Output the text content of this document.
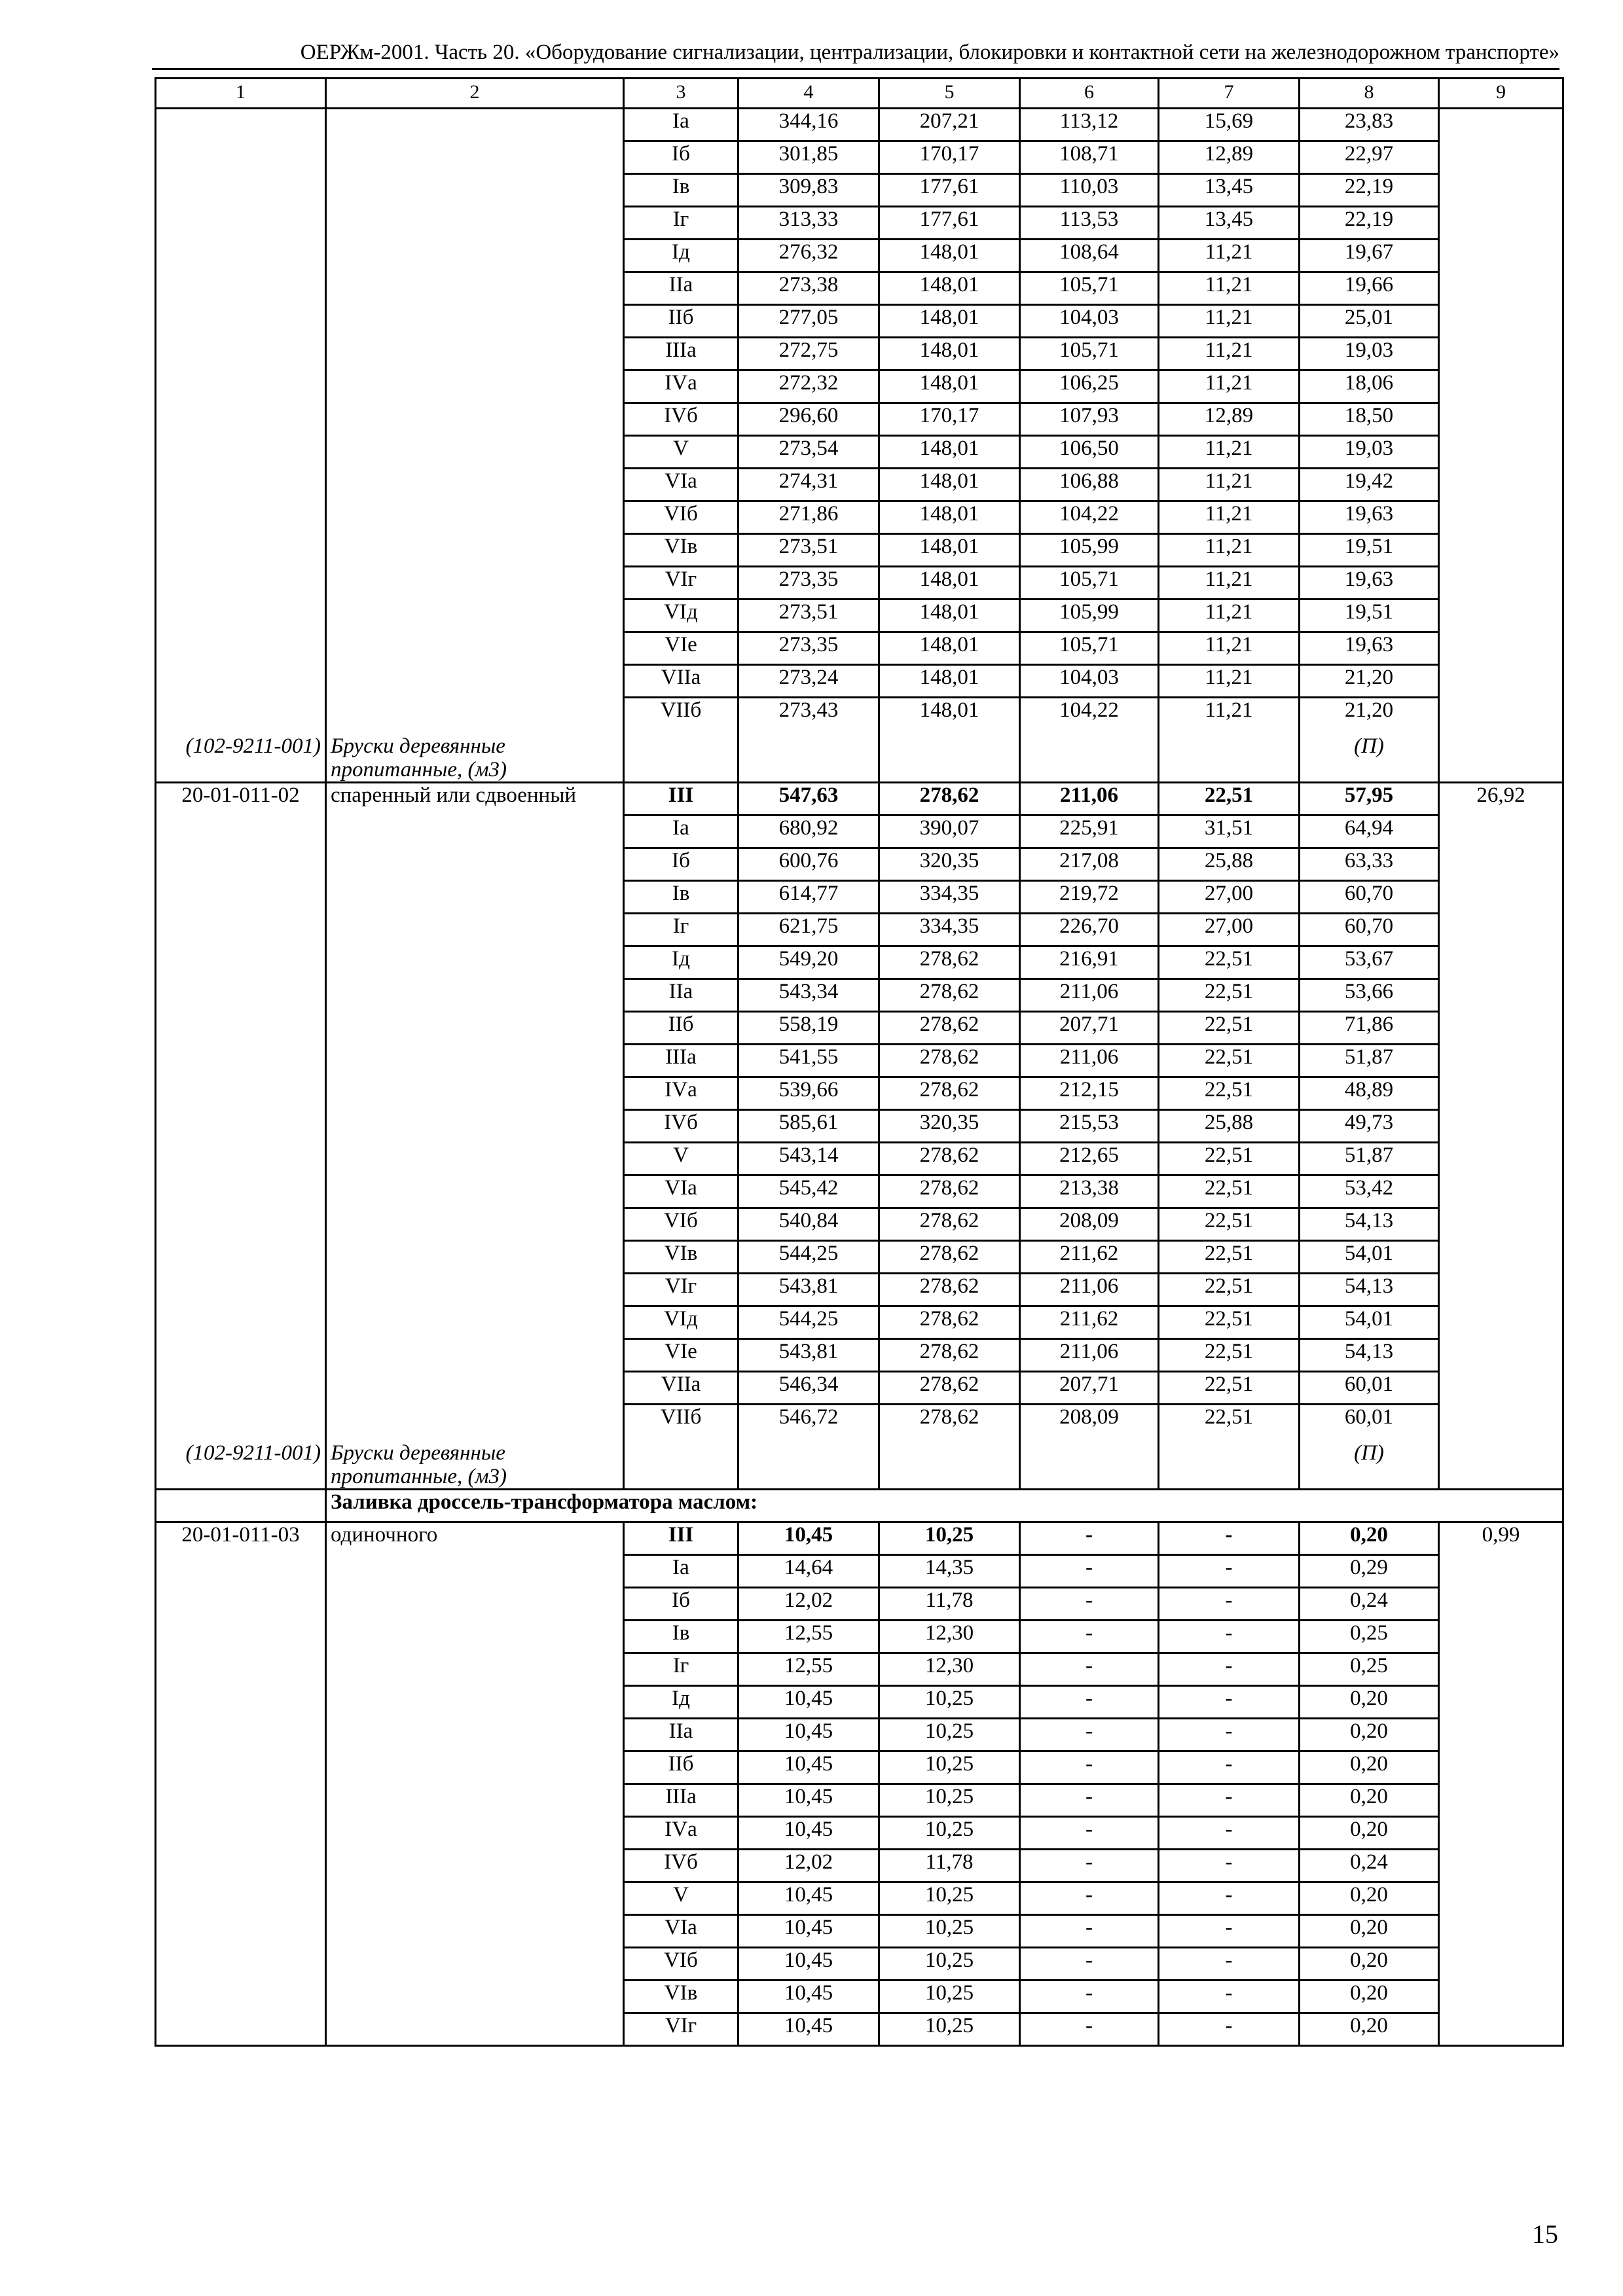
ОЕРЖм-2001. Часть 20. «Оборудование сигнализации, централизации, блокировки и контактной сети на железнодорожном транспорте»
1	2	3	4	5	6	7	8	9
		Iа	344,16	207,21	113,12	15,69	23,83	
		Iб	301,85	170,17	108,71	12,89	22,97	
		Iв	309,83	177,61	110,03	13,45	22,19	
		Iг	313,33	177,61	113,53	13,45	22,19	
		Iд	276,32	148,01	108,64	11,21	19,67	
		IIа	273,38	148,01	105,71	11,21	19,66	
		IIб	277,05	148,01	104,03	11,21	25,01	
		IIIа	272,75	148,01	105,71	11,21	19,03	
		IVа	272,32	148,01	106,25	11,21	18,06	
		IVб	296,60	170,17	107,93	12,89	18,50	
		V	273,54	148,01	106,50	11,21	19,03	
		VIа	274,31	148,01	106,88	11,21	19,42	
		VIб	271,86	148,01	104,22	11,21	19,63	
		VIв	273,51	148,01	105,99	11,21	19,51	
		VIг	273,35	148,01	105,71	11,21	19,63	
		VIд	273,51	148,01	105,99	11,21	19,51	
		VIе	273,35	148,01	105,71	11,21	19,63	
		VIIа	273,24	148,01	104,03	11,21	21,20	
		VIIб	273,43	148,01	104,22	11,21	21,20	
(102-9211-001)	Бруски деревянные пропитанные, (м3)						(П)	
20-01-011-02	спаренный или сдвоенный	III	547,63	278,62	211,06	22,51	57,95	26,92
		Iа	680,92	390,07	225,91	31,51	64,94	
		Iб	600,76	320,35	217,08	25,88	63,33	
		Iв	614,77	334,35	219,72	27,00	60,70	
		Iг	621,75	334,35	226,70	27,00	60,70	
		Iд	549,20	278,62	216,91	22,51	53,67	
		IIа	543,34	278,62	211,06	22,51	53,66	
		IIб	558,19	278,62	207,71	22,51	71,86	
		IIIа	541,55	278,62	211,06	22,51	51,87	
		IVа	539,66	278,62	212,15	22,51	48,89	
		IVб	585,61	320,35	215,53	25,88	49,73	
		V	543,14	278,62	212,65	22,51	51,87	
		VIа	545,42	278,62	213,38	22,51	53,42	
		VIб	540,84	278,62	208,09	22,51	54,13	
		VIв	544,25	278,62	211,62	22,51	54,01	
		VIг	543,81	278,62	211,06	22,51	54,13	
		VIд	544,25	278,62	211,62	22,51	54,01	
		VIе	543,81	278,62	211,06	22,51	54,13	
		VIIа	546,34	278,62	207,71	22,51	60,01	
		VIIб	546,72	278,62	208,09	22,51	60,01	
(102-9211-001)	Бруски деревянные пропитанные, (м3)						(П)	
	Заливка дроссель-трансформатора маслом:							
20-01-011-03	одиночного	III	10,45	10,25	-	-	0,20	0,99
		Iа	14,64	14,35	-	-	0,29	
		Iб	12,02	11,78	-	-	0,24	
		Iв	12,55	12,30	-	-	0,25	
		Iг	12,55	12,30	-	-	0,25	
		Iд	10,45	10,25	-	-	0,20	
		IIа	10,45	10,25	-	-	0,20	
		IIб	10,45	10,25	-	-	0,20	
		IIIа	10,45	10,25	-	-	0,20	
		IVа	10,45	10,25	-	-	0,20	
		IVб	12,02	11,78	-	-	0,24	
		V	10,45	10,25	-	-	0,20	
		VIа	10,45	10,25	-	-	0,20	
		VIб	10,45	10,25	-	-	0,20	
		VIв	10,45	10,25	-	-	0,20	
		VIг	10,45	10,25	-	-	0,20	
15
